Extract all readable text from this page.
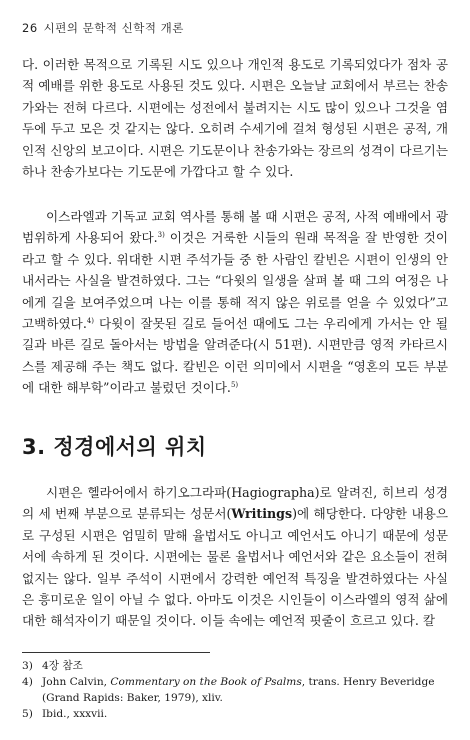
26 시편의 문학적 신학적 개론

다. 이러한 목적으로 기록된 시도 있으나 개인적 용도로 기록되었다가 점차 공적 예배를 위한 용도로 사용된 것도 있다. 시편은 오늘날 교회에서 부르는 찬송가와는 전혀 다르다. 시편에는 성전에서 불려지는 시도 많이 있으나 그것을 염두에 두고 모은 것 같지는 않다. 오히려 수세기에 걸쳐 형성된 시편은 공적, 개인적 신앙의 보고이다. 시편은 기도문이나 찬송가와는 장르의 성격이 다르기는 하나 찬송가보다는 기도문에 가깝다고 할 수 있다.

이스라엘과 기독교 교회 역사를 통해 볼 때 시편은 공적, 사적 예배에서 광범위하게 사용되어 왔다.$^{3)}$ 이것은 거룩한 시들의 원래 목적을 잘 반영한 것이라고 할 수 있다. 위대한 시편 주석가들 중 한 사람인 칼빈은 시편이 인생의 안내서라는 사실을 발견하였다. 그는 “다윗의 일생을 살펴 볼 때 그의 여정은 나에게 길을 보여주었으며 나는 이를 통해 적지 않은 위로를 얻을 수 있었다”고 고백하였다.$^{4)}$ 다윗이 잘못된 길로 들어선 때에도 그는 우리에게 가서는 안 될 길과 바른 길로 돌아서는 방법을 알려준다(시 51편). 시편만큼 영적 카타르시스를 제공해 주는 책도 없다. 칼빈은 이런 의미에서 시편을 “영혼의 모든 부분에 대한 해부학”이라고 불렀던 것이다.$^{5)}$

3. 정경에서의 위치

시편은 헬라어에서 하기오그라파(Hagiographa)로 알려진, 히브리 성경의 세 번째 부분으로 분류되는 성문서(Writings)에 해당한다. 다양한 내용으로 구성된 시편은 엄밀히 말해 율법서도 아니고 예언서도 아니기 때문에 성문서에 속하게 된 것이다. 시편에는 물론 율법서나 예언서와 같은 요소들이 전혀 없지는 않다. 일부 주석이 시편에서 강력한 예언적 특징을 발견하였다는 사실은 흥미로운 일이 아닐 수 없다. 아마도 이것은 시인들이 이스라엘의 영적 삶에 대한 해석자이기 때문일 것이다. 이들 속에는 예언적 핏줄이 흐르고 있다. 칼

3) 4장 참조
4) John Calvin, Commentary on the Book of Psalms, trans. Henry Beveridge (Grand Rapids: Baker, 1979), xliv.
5) Ibid., xxxvii.
